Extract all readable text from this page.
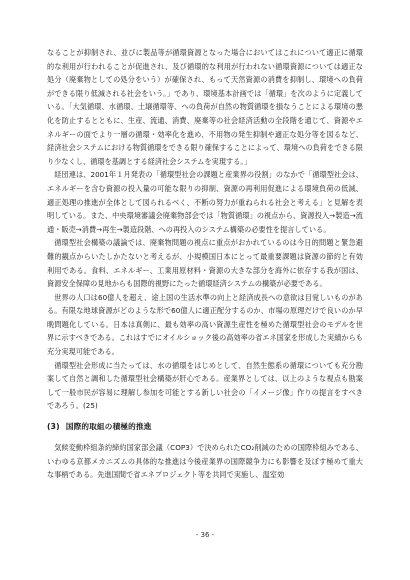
なることが抑制され、並びに製品等が循環資源となった場合においてはこれについて適正に循環的な利用が行われることが促進され、及び循環的な利用が行われない循環資源については適正な処分（廃棄物としての処分をいう）が確保され、もって天然資源の消費を抑制し、環境への負荷ができる限り低減される社会をいう。」であり、環境基本計画では「循環」を次のように定義している。「大気循環、水循環、土壌循環等、への負荷が自然の物質循環を損なうことによる環境の悪化を防止するとともに、生産、流通、消費、廃棄等の社会経済活動の全段階を通じて、資源やエネルギーの面でより一層の循環・効率化を進め、不用物の発生抑制や適正な処分等を図るなど、経済社会システムにおける物質循環をできる限り確保することによって、環境への負荷をできる限り少なくし、循環を基調とする経済社会システムを実現する。」

経団連は、2001年１月発表の「循環型社会の課題と産業界の役割」のなかで「循環型社会は、エネルギーを含む資源の投入量の可能な限りの抑制、資源の再利用促進による環境負荷の低減、適正処理の推進が全体として図られるべく、不断の努力が重ねられる社会と考える」と見解を表明している。また、中央環境審議会廃棄物部会では「物質循環」の視点から、資源投入→製造→流通・販売→消費→再生→製造段階、への再投入のシステム構築の必要性を提言している。

循環型社会構築の議論では、廃棄物問題の視点に重点がおかれているのは今日的問題と緊急避難的観点からいたしかたないと考えるが、小規模国日本にとって最重要課題は資源の節約と有効利用である。食料、エネルギー、工業用原材料・資源の大きな部分を海外に依存する我が国は、資源安全保障の見地からも国際的視野にたった循環経済システムの構築が必要である。

世界の人口は60億人を超え、途上国の生活水準の向上と経済成長への意欲は目覚しいものがある。有限な地球資源がどのような形で60億人に適正配分するのか、市場の原理だけで良いのか早晩問題化している。日本は真剣に、最も効率の高い資源生産性を極めた循環型社会のモデルを世界に示すべきである。これはすでにオイルショック後の高効率の省エネ国家を形成した実績からも充分実現可能である。

循環型社会形成に当たっては、水の循環をはじめとして、自然生態系の循環についても充分勘案して自然と調和した循環型社会構築が肝心である。産業界としては、以上のような視点も勘案して一般市民が容易に理解し参加を可能とする新しい社会の「イメージ像」作りの提言をすべきであろう。(25)

(3) 国際的取組の積極的推進

気候変動枠組条約締約国家部会議（COP3）で決められたCO₂削減のための国際枠組みである、いわゆる京都メカニズムの具体的な推進は今後産業界の国際競争力にも影響を及ぼす極めて重大な事柄である。先進国間で省エネプロジェクト等を共同で実施し、温室効

- 36 -
